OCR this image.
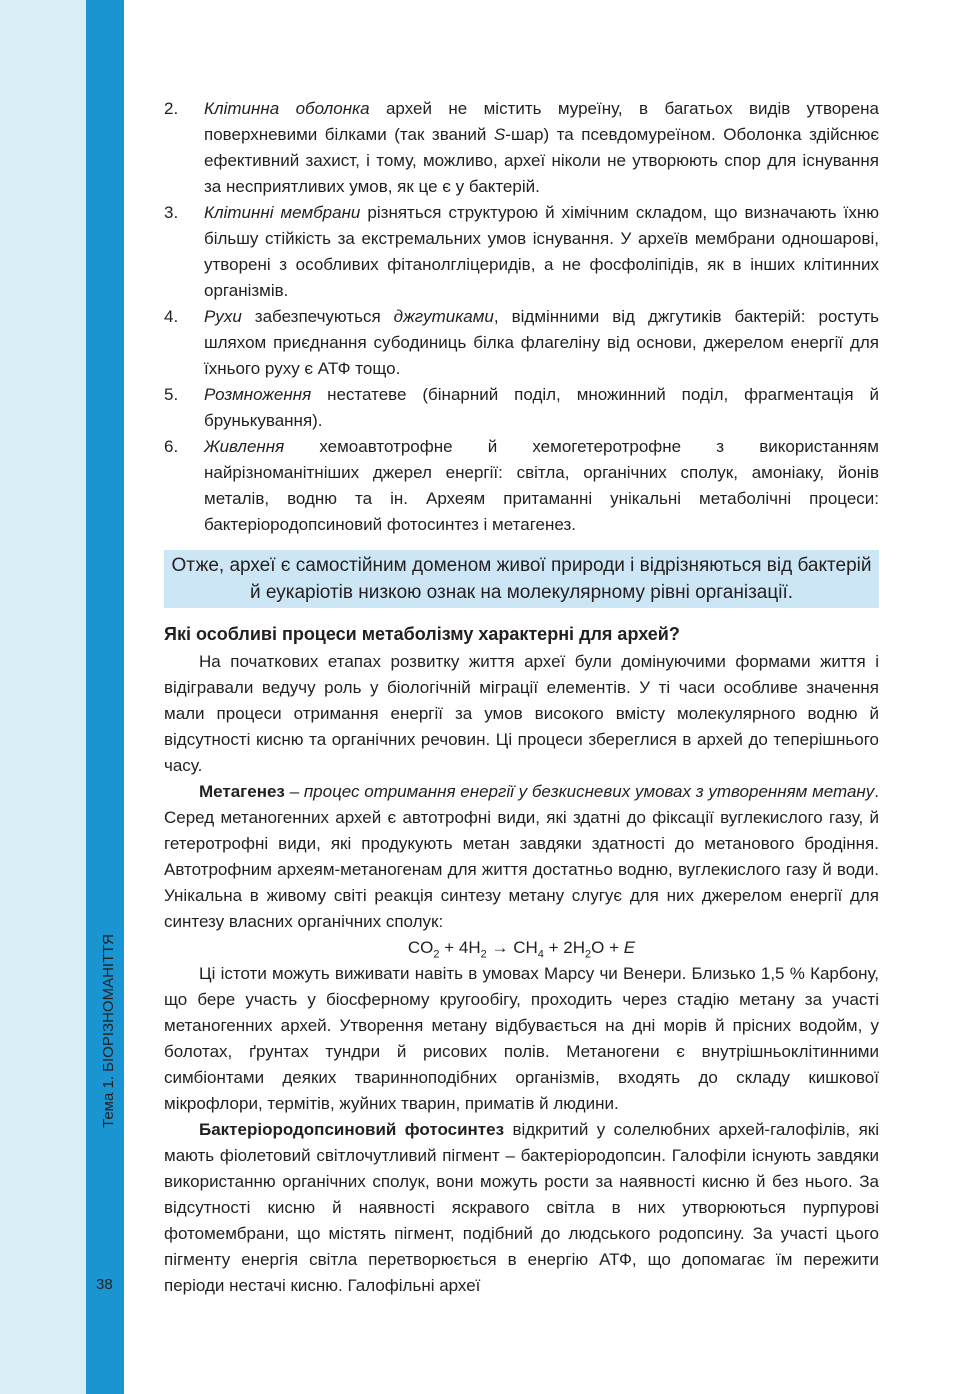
Тема 1. БІОРІЗНОМАНІТТЯ
38
2.	Клітинна оболонка архей не містить муреїну, в багатьох видів утворена поверхневими білками (так званий S-шар) та псевдомуреїном. Оболонка здійснює ефективний захист, і тому, можливо, археї ніколи не утворюють спор для існування за несприятливих умов, як це є у бактерій.
3.	Клітинні мембрани різняться структурою й хімічним складом, що визначають їхню більшу стійкість за екстремальних умов існування. У археїв мембрани одношарові, утворені з особливих фітанолгліцеридів, а не фосфоліпідів, як в інших клітинних організмів.
4.	Рухи забезпечуються джгутиками, відмінними від джгутиків бактерій: ростуть шляхом приєднання субодиниць білка флагеліну від основи, джерелом енергії для їхнього руху є АТФ тощо.
5.	Розмноження нестатеве (бінарний поділ, множинний поділ, фрагментація й брунькування).
6.	Живлення хемоавтотрофне й хемогетеротрофне з використанням найрізноманітніших джерел енергії: світла, органічних сполук, амоніаку, йонів металів, водню та ін. Археям притаманні унікальні метаболічні процеси: бактеріородопсиновий фотосинтез і метагенез.
Отже, археї є самостійним доменом живої природи і відрізняються від бактерій й еукаріотів низкою ознак на молекулярному рівні організації.
Які особливі процеси метаболізму характерні для архей?

На початкових етапах розвитку життя археї були домінуючими формами життя і відігравали ведучу роль у біологічній міграції елементів. У ті часи особливе значення мали процеси отримання енергії за умов високого вмісту молекулярного водню й відсутності кисню та органічних речовин. Ці процеси збереглися в архей до теперішнього часу.

Метагенез – процес отримання енергії у безкисневих умовах з утворенням метану. Серед метаногенних архей є автотрофні види, які здатні до фіксації вуглекислого газу, й гетеротрофні види, які продукують метан завдяки здатності до метанового бродіння. Автотрофним археям-метаногенам для життя достатньо водню, вуглекислого газу й води. Унікальна в живому світі реакція синтезу метану слугує для них джерелом енергії для синтезу власних органічних сполук:

$CO_2 + 4H_2 \to CH_4 + 2H_2O + E$

Ці істоти можуть виживати навіть в умовах Марсу чи Венери. Близько 1,5 % Карбону, що бере участь у біосферному кругообігу, проходить через стадію метану за участі метаногенних архей. Утворення метану відбувається на дні морів й прісних водойм, у болотах, ґрунтах тундри й рисових полів. Метаногени є внутрішньоклітинними симбіонтами деяких тваринноподібних організмів, входять до складу кишкової мікрофлори, термітів, жуйних тварин, приматів й людини.

Бактеріородопсиновий фотосинтез відкритий у солелюбних архей-галофілів, які мають фіолетовий світлочутливий пігмент – бактеріородопсин. Галофіли існують завдяки використанню органічних сполук, вони можуть рости за наявності кисню й без нього. За відсутності кисню й наявності яскравого світла в них утворюються пурпурові фотомембрани, що містять пігмент, подібний до людського родопсину. За участі цього пігменту енергія світла перетворюється в енергію АТФ, що допомагає їм пережити періоди нестачі кисню. Галофільні археї
